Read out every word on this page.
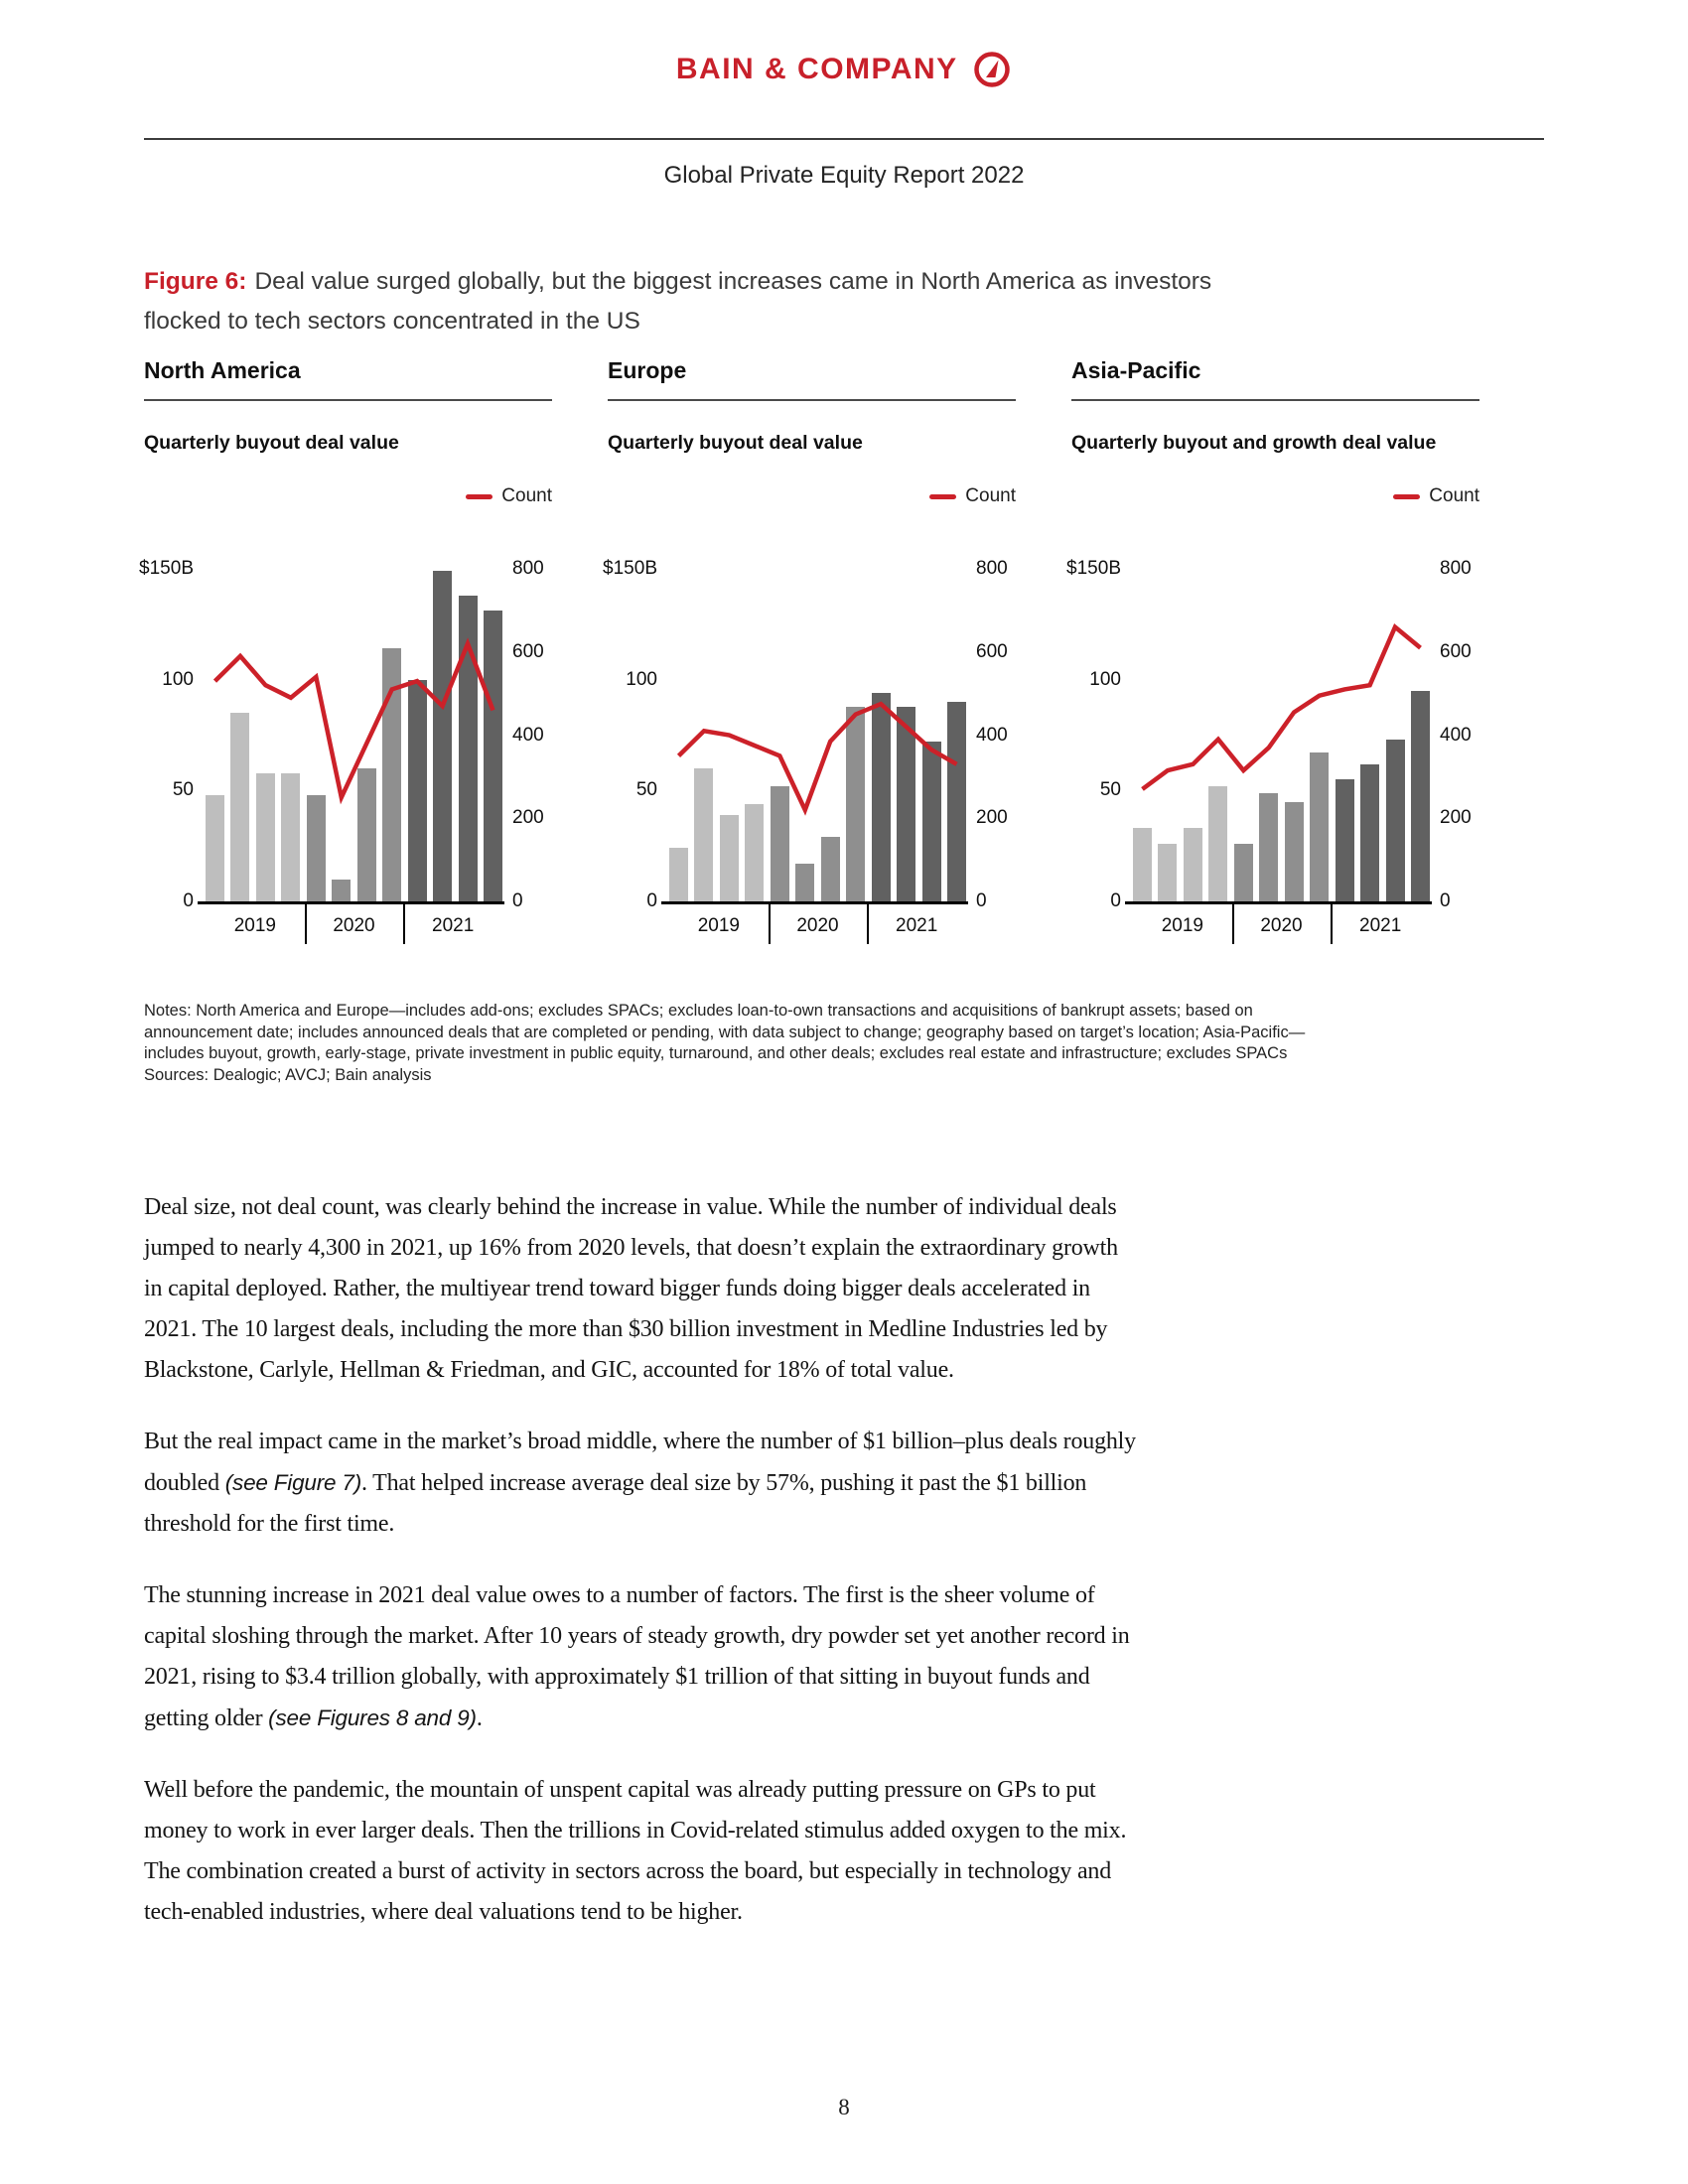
BAIN & COMPANY
Global Private Equity Report 2022
Figure 6: Deal value surged globally, but the biggest increases came in North America as investors flocked to tech sectors concentrated in the US
North America
Quarterly buyout deal value
Count
$150B
100
50
0
800
600
400
200
0
2019	2020	2021
Europe
Quarterly buyout deal value
Count
$150B
100
50
0
800
600
400
200
0
2019	2020	2021
Asia-Pacific
Quarterly buyout and growth deal value
Count
$150B
100
50
0
800
600
400
200
0
2019	2020	2021
Notes: North America and Europe—includes add-ons; excludes SPACs; excludes loan-to-own transactions and acquisitions of bankrupt assets; based on
announcement date; includes announced deals that are completed or pending, with data subject to change; geography based on target’s location; Asia-Pacific—
includes buyout, growth, early-stage, private investment in public equity, turnaround, and other deals; excludes real estate and infrastructure; excludes SPACs
Sources: Dealogic; AVCJ; Bain analysis

Deal size, not deal count, was clearly behind the increase in value. While the number of individual deals jumped to nearly 4,300 in 2021, up 16% from 2020 levels, that doesn’t explain the extraordinary growth in capital deployed. Rather, the multiyear trend toward bigger funds doing bigger deals accelerated in 2021. The 10 largest deals, including the more than $30 billion investment in Medline Industries led by Blackstone, Carlyle, Hellman & Friedman, and GIC, accounted for 18% of total value.

But the real impact came in the market’s broad middle, where the number of $1 billion–plus deals roughly doubled (see Figure 7). That helped increase average deal size by 57%, pushing it past the $1 billion threshold for the first time.

The stunning increase in 2021 deal value owes to a number of factors. The first is the sheer volume of capital sloshing through the market. After 10 years of steady growth, dry powder set yet another record in 2021, rising to $3.4 trillion globally, with approximately $1 trillion of that sitting in buyout funds and getting older (see Figures 8 and 9).

Well before the pandemic, the mountain of unspent capital was already putting pressure on GPs to put money to work in ever larger deals. Then the trillions in Covid-related stimulus added oxygen to the mix. The combination created a burst of activity in sectors across the board, but especially in technology and tech-enabled industries, where deal valuations tend to be higher.

8
